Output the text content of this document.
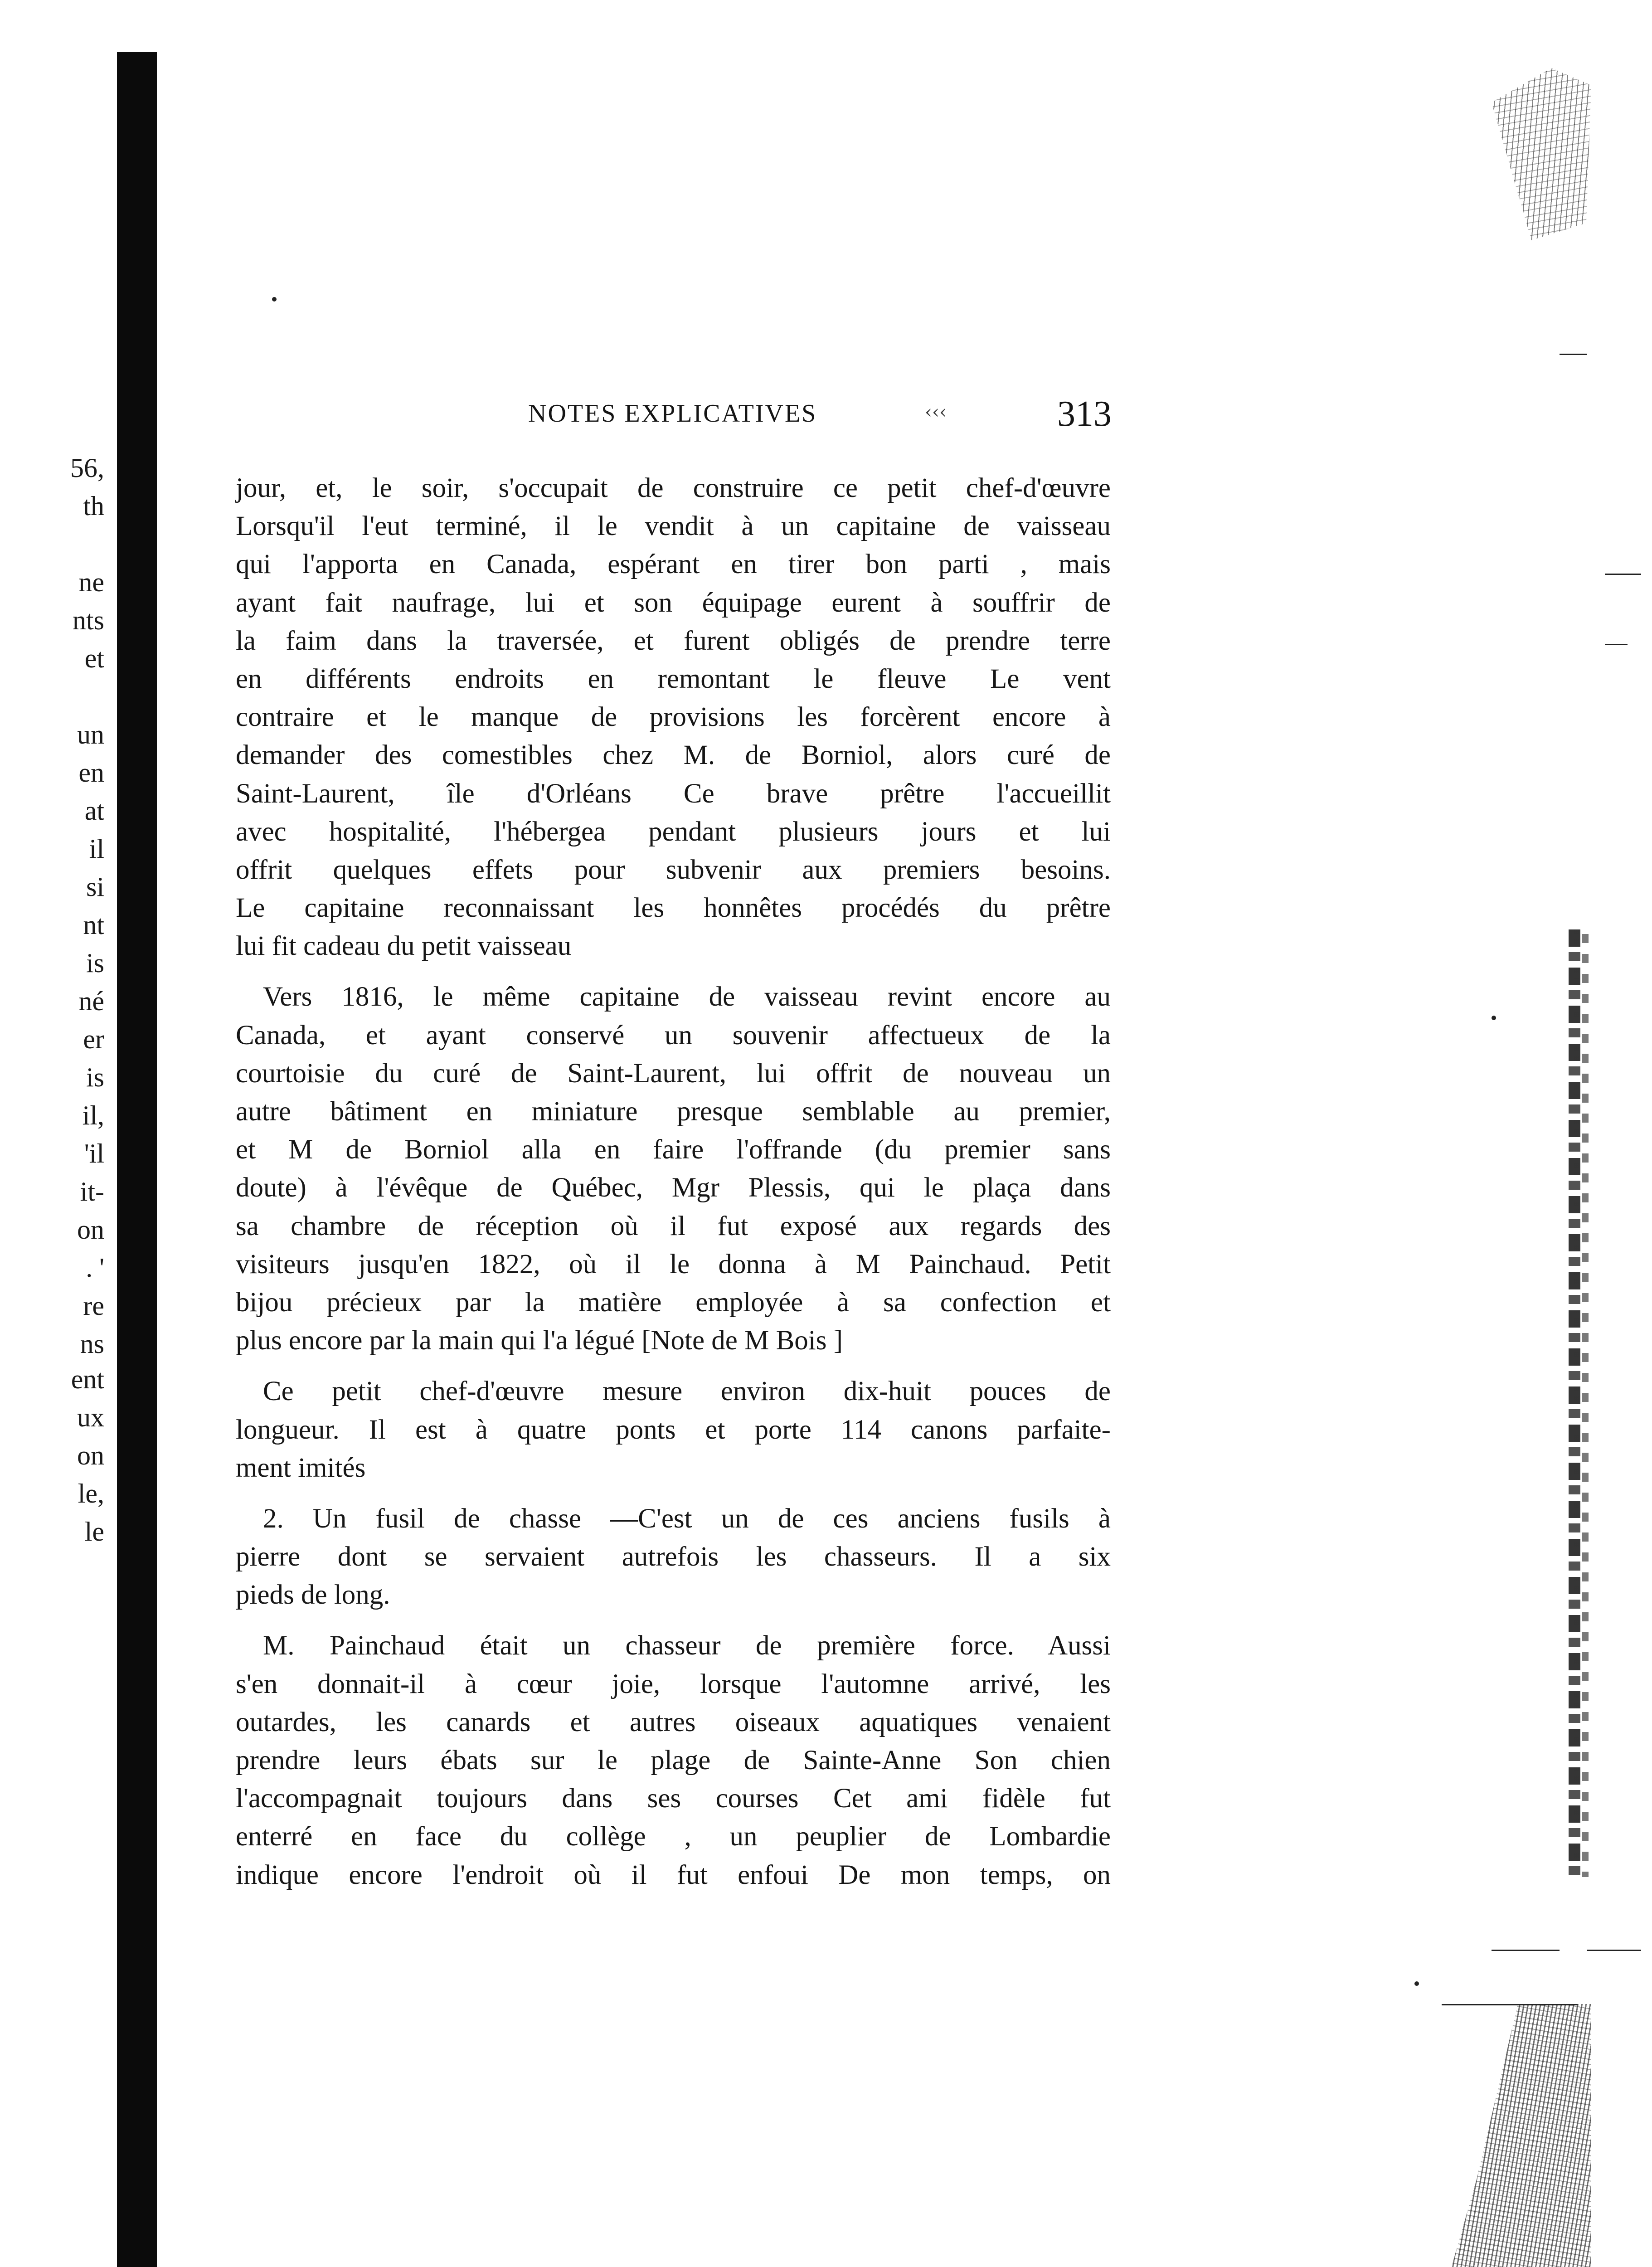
56,
th
ne
nts
et
un
en
at
il
si
nt
is
né
er
is
il,
'il
it-
on
. '
re
ns
ent
ux
on
le,
le
NOTES EXPLICATIVES	‹‹‹	313

jour, et, le soir, s'occupait de construire ce petit chef-d'œuvre
Lorsqu'il l'eut terminé, il le vendit à un capitaine de vaisseau
qui l'apporta en Canada, espérant en tirer bon parti , mais
ayant fait naufrage, lui et son équipage eurent à souffrir de
la faim dans la traversée, et furent obligés de prendre terre
en différents endroits en remontant le fleuve Le vent
contraire et le manque de provisions les forcèrent encore à
demander des comestibles chez M. de Borniol, alors curé de
Saint-Laurent, île d'Orléans Ce brave prêtre l'accueillit
avec hospitalité, l'hébergea pendant plusieurs jours et lui
offrit quelques effets pour subvenir aux premiers besoins.
Le capitaine reconnaissant les honnêtes procédés du prêtre
lui fit cadeau du petit vaisseau

Vers 1816, le même capitaine de vaisseau revint encore au
Canada, et ayant conservé un souvenir affectueux de la
courtoisie du curé de Saint-Laurent, lui offrit de nouveau un
autre bâtiment en miniature presque semblable au premier,
et M de Borniol alla en faire l'offrande (du premier sans
doute) à l'évêque de Québec, Mgr Plessis, qui le plaça dans
sa chambre de réception où il fut exposé aux regards des
visiteurs jusqu'en 1822, où il le donna à M Painchaud. Petit
bijou précieux par la matière employée à sa confection et
plus encore par la main qui l'a légué [Note de M Bois ]

Ce petit chef-d'œuvre mesure environ dix-huit pouces de
longueur. Il est à quatre ponts et porte 114 canons parfaite-
ment imités

2. Un fusil de chasse —C'est un de ces anciens fusils à
pierre dont se servaient autrefois les chasseurs. Il a six
pieds de long.

M. Painchaud était un chasseur de première force. Aussi
s'en donnait-il à cœur joie, lorsque l'automne arrivé, les
outardes, les canards et autres oiseaux aquatiques venaient
prendre leurs ébats sur le plage de Sainte-Anne Son chien
l'accompagnait toujours dans ses courses Cet ami fidèle fut
enterré en face du collège , un peuplier de Lombardie
indique encore l'endroit où il fut enfoui De mon temps, on
